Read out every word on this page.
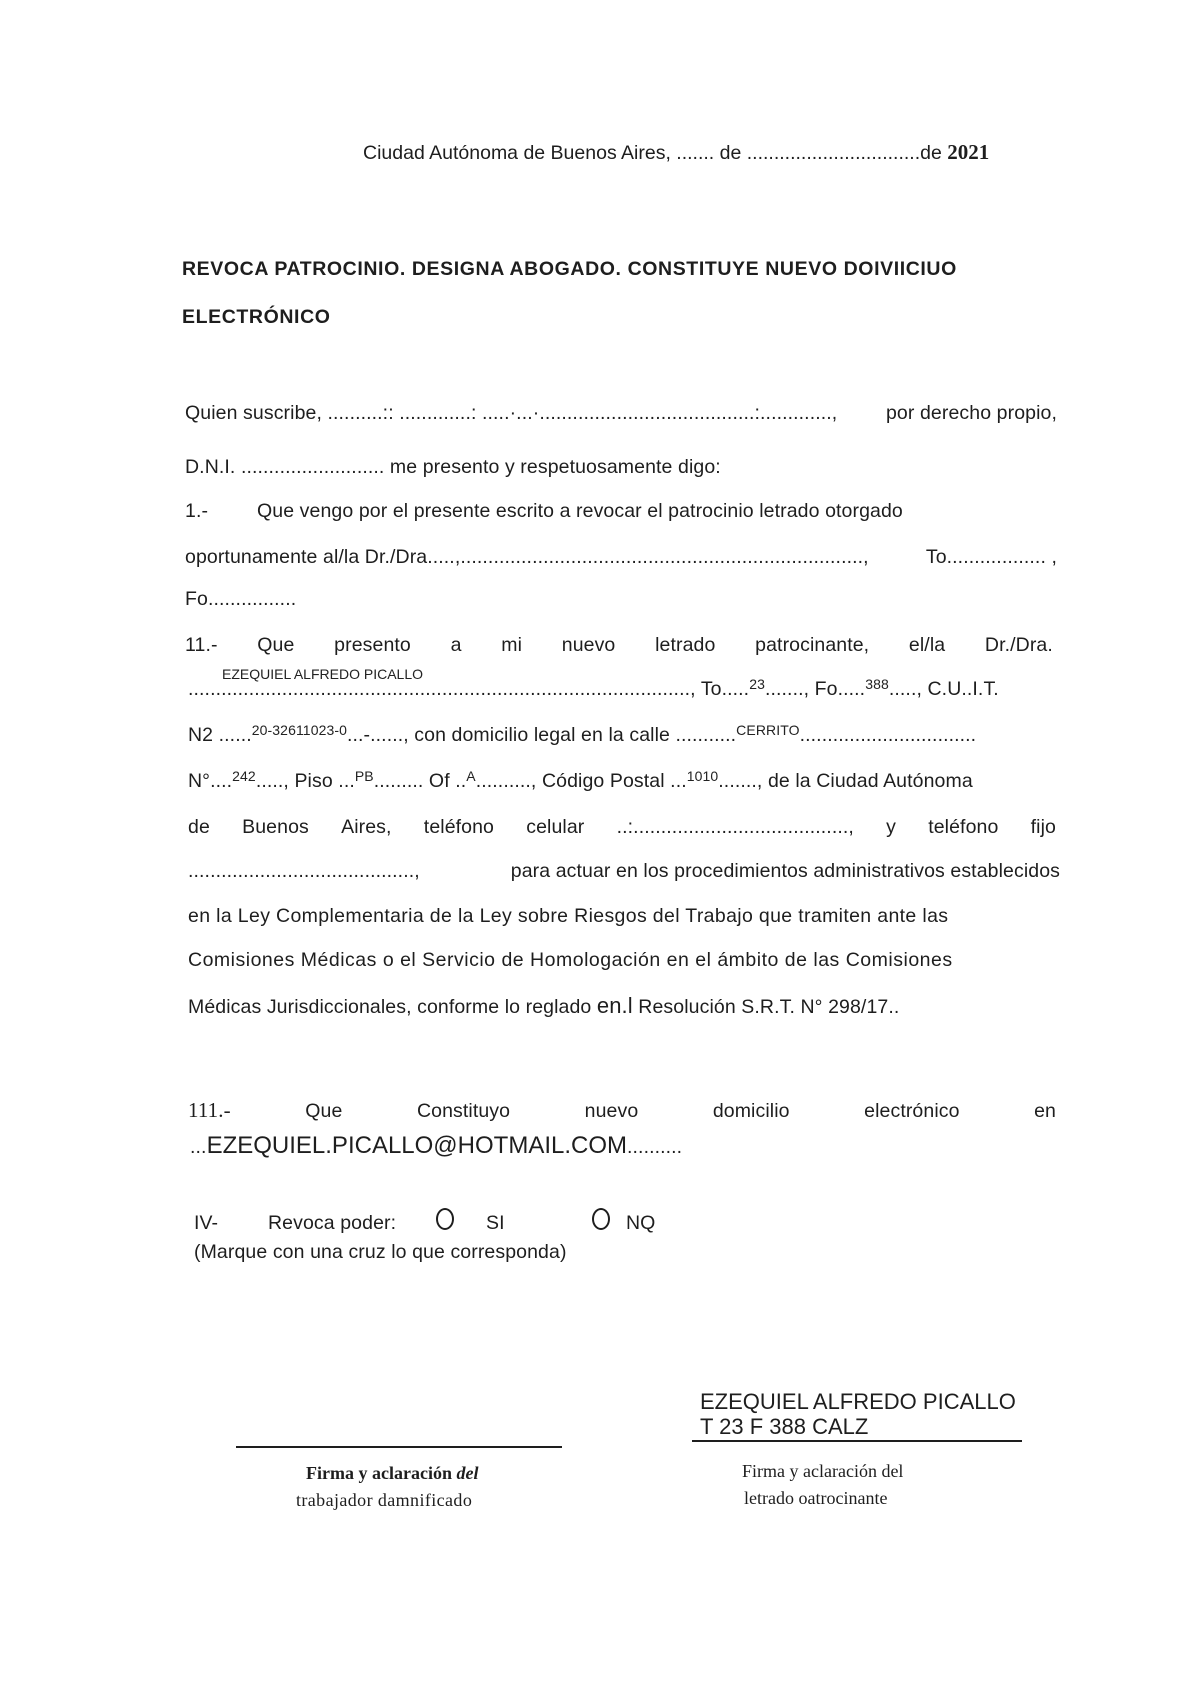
Ciudad Autónoma de Buenos Aires, ....... de ................................de 2021
REVOCA PATROCINIO. DESIGNA ABOGADO. CONSTITUYE NUEVO DOIVIICIUO
ELECTRÓNICO
Quien suscribe, ..........:: .............: .....·...·.......................................:............., por derecho propio,
D.N.I. .......................... me presento y respetuosamente digo:
1.-	Que vengo por el presente escrito a revocar el patrocinio letrado otorgado
oportunamente al/la Dr./Dra.....,.........................................................................,	To.................. ,
Fo................
11.- Que presento a mi nuevo letrado patrocinante, el/la Dr./Dra.
EZEQUIEL ALFREDO PICALLO
..........................................................................................., To.....$^{23}$......., Fo.....$^{388}$....., C.U..I.T.
N2 ......$^{20-32611023-0}$...-......, con domicilio legal en la calle ...........$^{CERRITO}$................................
N°....$^{242}$....., Piso ...$^{PB}$......... Of ..$^A$.........., Código Postal ...$^{1010}$......., de la Ciudad Autónoma
de Buenos Aires, teléfono celular ..:......................................., y teléfono fijo
.........................................,	para actuar en los procedimientos administrativos establecidos
en la Ley Complementaria de la Ley sobre Riesgos del Trabajo que tramiten ante las
Comisiones Médicas o el Servicio de Homologación en el ámbito de las Comisiones
Médicas Jurisdiccionales, conforme lo reglado en.l Resolución S.R.T. N° 298/17..
111.-	Que	Constituyo	nuevo	domicilio	electrónico	en
...EZEQUIEL.PICALLO@HOTMAIL.COM..........
IV-	Revoca poder:	SI	NQ
(Marque con una cruz lo que corresponda)
EZEQUIEL ALFREDO PICALLO
T 23 F 388 CALZ
Firma y aclaración del
trabajador damnificado
Firma y aclaración del
letrado oatrocinante
